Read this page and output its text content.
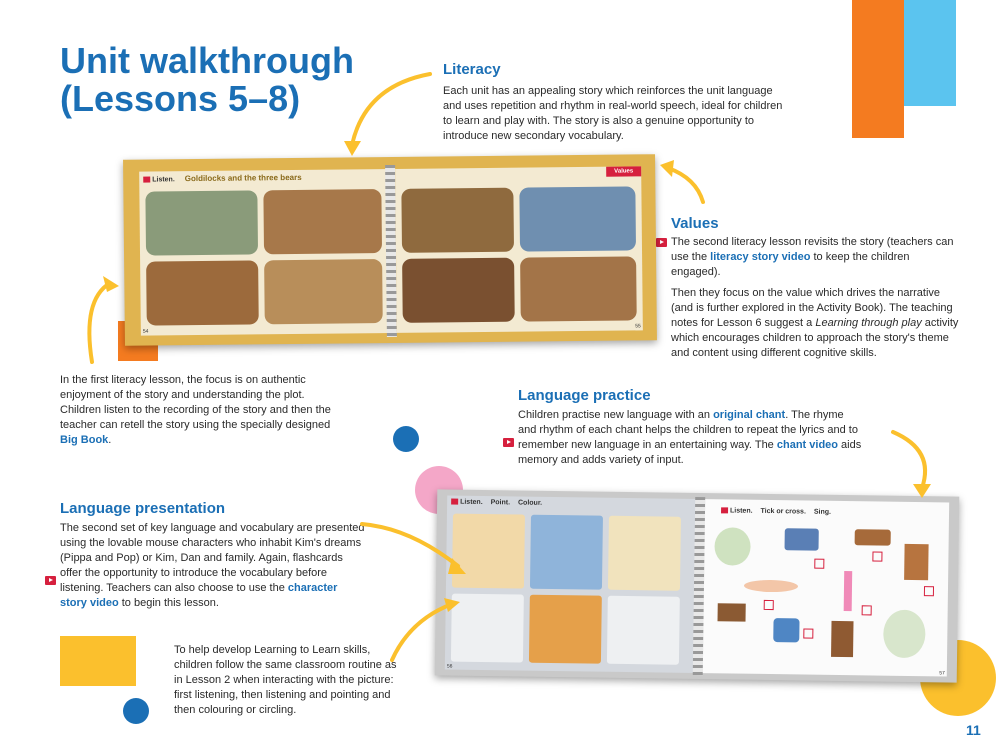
Unit walkthrough
(Lessons 5–8)
Literacy

Each unit has an appealing story which reinforces the unit language and uses repetition and rhythm in real-world speech, ideal for children to learn and play with. The story is also a genuine opportunity to introduce new secondary vocabulary.

Values

The second literacy lesson revisits the story (teachers can use the literacy story video to keep the children engaged).

Then they focus on the value which drives the narrative (and is further explored in the Activity Book). The teaching notes for Lesson 6 suggest a Learning through play activity which encourages children to approach the story's theme and content using different cognitive skills.

In the first literacy lesson, the focus is on authentic enjoyment of the story and understanding the plot. Children listen to the recording of the story and then the teacher can retell the story using the specially designed Big Book.

Language practice

Children practise new language with an original chant. The rhyme and rhythm of each chant helps the children to repeat the lyrics and to remember new language in an entertaining way. The chant video aids memory and adds variety of input.

Language presentation

The second set of key language and vocabulary are presented using the lovable mouse characters who inhabit Kim's dreams (Pippa and Pop) or Kim, Dan and family. Again, flashcards offer the opportunity to introduce the vocabulary before listening. Teachers can also choose to use the character story video to begin this lesson.

To help develop Learning to Learn skills, children follow the same classroom routine as in Lesson 2 when interacting with the picture: first listening, then listening and pointing and then colouring or circling.

11
Listen. Goldilocks and the three bears
54
Values
55
Listen. Point. Colour.
56
Listen. Tick or cross. Sing.
57
